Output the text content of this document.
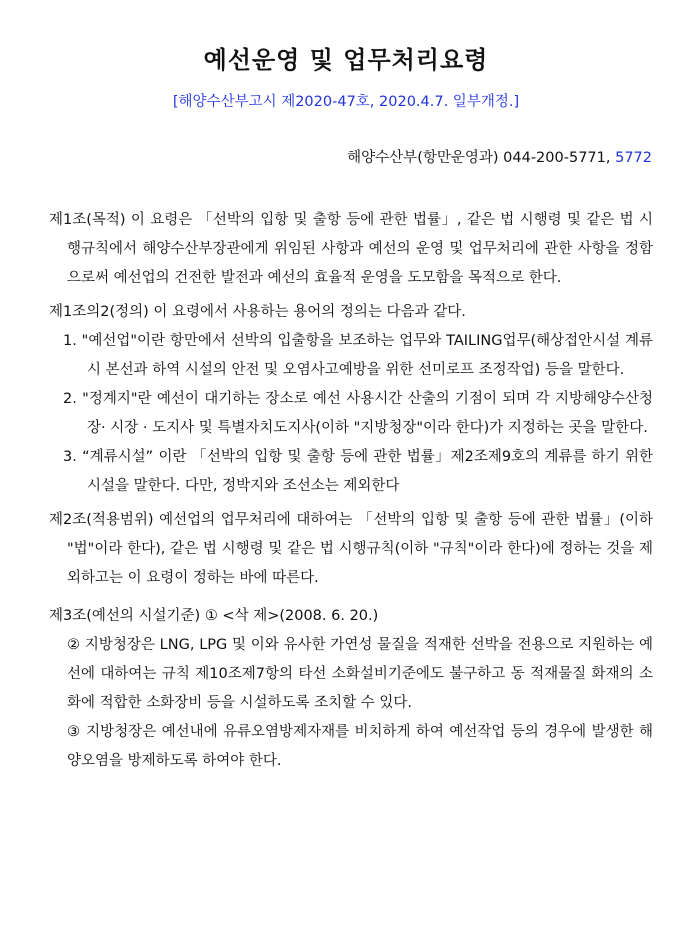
예선운영 및 업무처리요령
[해양수산부고시 제2020-47호, 2020.4.7. 일부개정.]
해양수산부(항만운영과) 044-200-5771, 5772

제1조(목적) 이 요령은 「선박의 입항 및 출항 등에 관한 법률」, 같은 법 시행령 및 같은 법 시행규칙에서 해양수산부장관에게 위임된 사항과 예선의 운영 및 업무처리에 관한 사항을 정함으로써 예선업의 건전한 발전과 예선의 효율적 운영을 도모함을 목적으로 한다.

제1조의2(정의) 이 요령에서 사용하는 용어의 정의는 다음과 같다.

1. "예선업"이란 항만에서 선박의 입출항을 보조하는 업무와 TAILING업무(해상접안시설 계류시 본선과 하역 시설의 안전 및 오염사고예방을 위한 선미로프 조정작업) 등을 말한다.

2. "정계지"란 예선이 대기하는 장소로 예선 사용시간 산출의 기점이 되며 각 지방해양수산청장· 시장 · 도지사 및 특별자치도지사(이하 "지방청장"이라 한다)가 지정하는 곳을 말한다.

3. “계류시설” 이란 「선박의 입항 및 출항 등에 관한 법률」제2조제9호의 계류를 하기 위한 시설을 말한다. 다만, 정박지와 조선소는 제외한다

제2조(적용범위) 예선업의 업무처리에 대하여는 「선박의 입항 및 출항 등에 관한 법률」(이하 "법"이라 한다), 같은 법 시행령 및 같은 법 시행규칙(이하 "규칙"이라 한다)에 정하는 것을 제외하고는 이 요령이 정하는 바에 따른다.

제3조(예선의 시설기준) ① <삭 제>(2008. 6. 20.)

② 지방청장은 LNG, LPG 및 이와 유사한 가연성 물질을 적재한 선박을 전용으로 지원하는 예선에 대하여는 규칙 제10조제7항의 타선 소화설비기준에도 불구하고 동 적재물질 화재의 소화에 적합한 소화장비 등을 시설하도록 조치할 수 있다.

③ 지방청장은 예선내에 유류오염방제자재를 비치하게 하여 예선작업 등의 경우에 발생한 해양오염을 방제하도록 하여야 한다.
